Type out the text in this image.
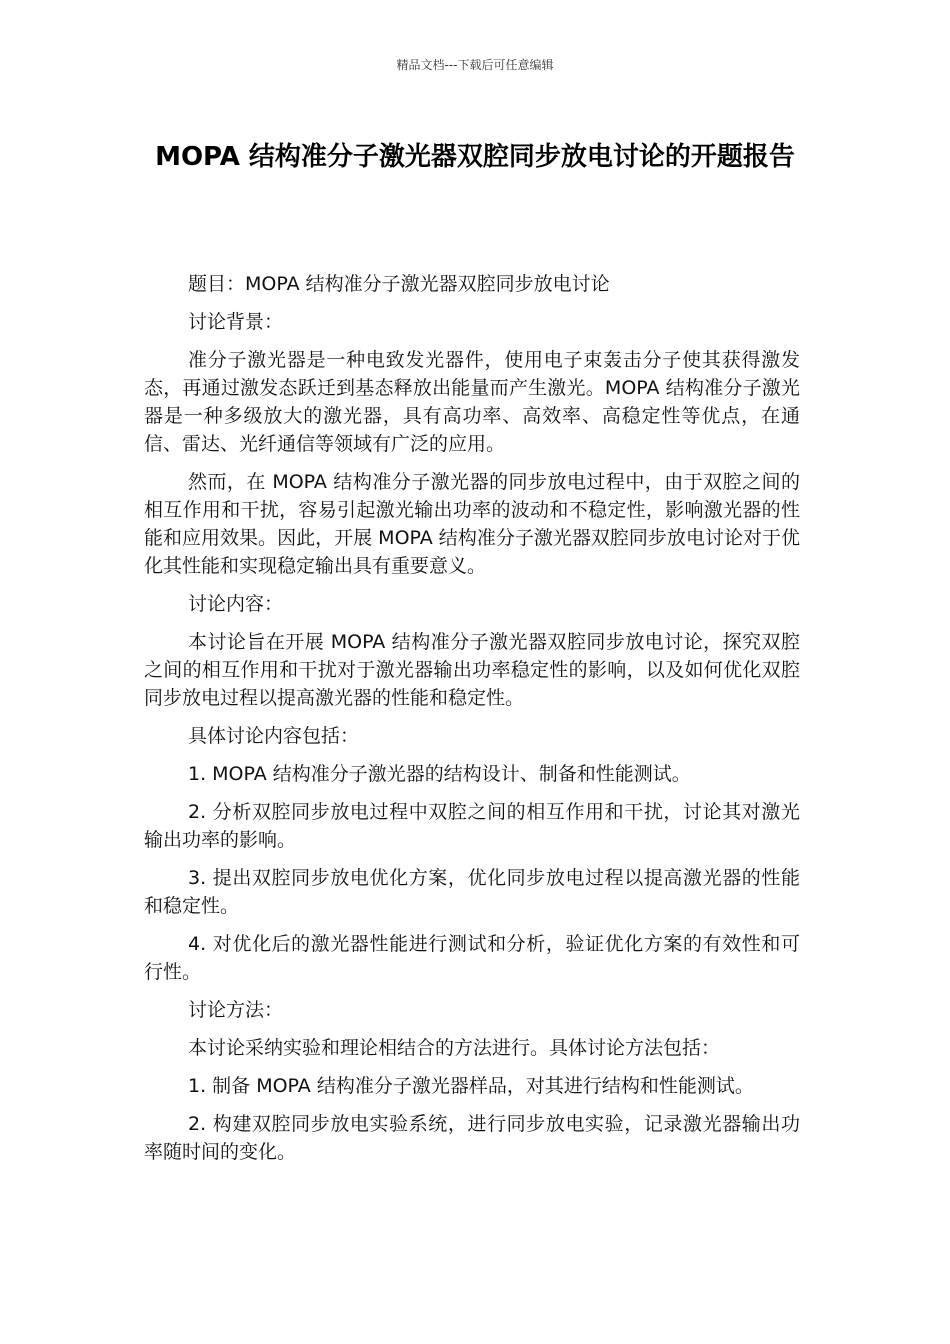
精品文档---下载后可任意编辑
MOPA 结构准分子激光器双腔同步放电讨论的开题报告

题目：MOPA 结构准分子激光器双腔同步放电讨论

讨论背景：

准分子激光器是一种电致发光器件，使用电子束轰击分子使其获得激发态，再通过激发态跃迁到基态释放出能量而产生激光。MOPA 结构准分子激光器是一种多级放大的激光器，具有高功率、高效率、高稳定性等优点，在通信、雷达、光纤通信等领域有广泛的应用。

然而，在 MOPA 结构准分子激光器的同步放电过程中，由于双腔之间的相互作用和干扰，容易引起激光输出功率的波动和不稳定性，影响激光器的性能和应用效果。因此，开展 MOPA 结构准分子激光器双腔同步放电讨论对于优化其性能和实现稳定输出具有重要意义。

讨论内容：

本讨论旨在开展 MOPA 结构准分子激光器双腔同步放电讨论，探究双腔之间的相互作用和干扰对于激光器输出功率稳定性的影响，以及如何优化双腔同步放电过程以提高激光器的性能和稳定性。

具体讨论内容包括：

1. MOPA 结构准分子激光器的结构设计、制备和性能测试。

2. 分析双腔同步放电过程中双腔之间的相互作用和干扰，讨论其对激光输出功率的影响。

3. 提出双腔同步放电优化方案，优化同步放电过程以提高激光器的性能和稳定性。

4. 对优化后的激光器性能进行测试和分析，验证优化方案的有效性和可行性。

讨论方法：

本讨论采纳实验和理论相结合的方法进行。具体讨论方法包括：

1. 制备 MOPA 结构准分子激光器样品，对其进行结构和性能测试。

2. 构建双腔同步放电实验系统，进行同步放电实验，记录激光器输出功率随时间的变化。
